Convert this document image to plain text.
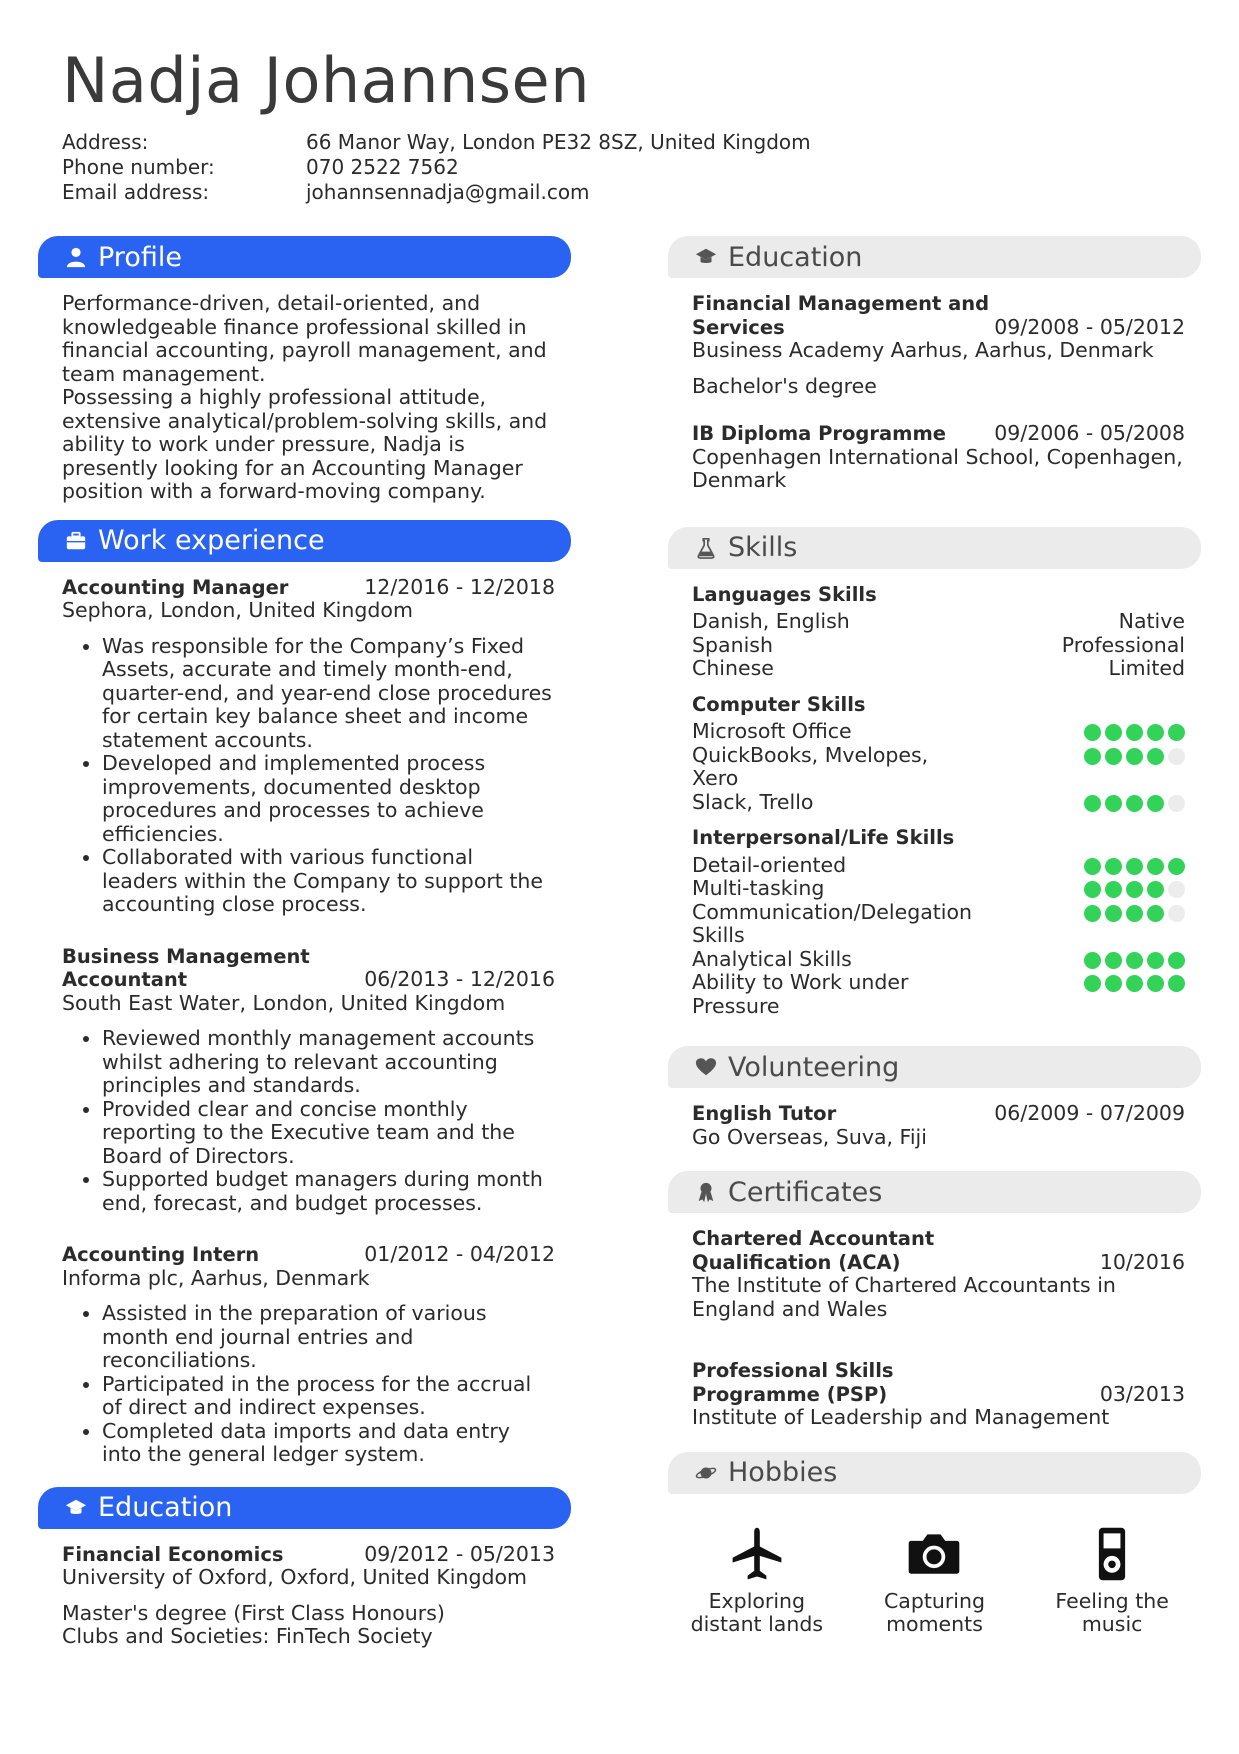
Nadja Johannsen
Address:	66 Manor Way, London PE32 8SZ, United Kingdom
Phone number:	070 2522 7562
Email address:	johannsennadja@gmail.com
Profile

Performance-driven, detail-oriented, and knowledgeable finance professional skilled in financial accounting, payroll management, and team management.

Possessing a highly professional attitude, extensive analytical/problem-solving skills, and ability to work under pressure, Nadja is presently looking for an Accounting Manager position with a forward-moving company.

Work experience
Accounting Manager	12/2016 - 12/2018
Sephora, London, United Kingdom
• Was responsible for the Company’s Fixed Assets, accurate and timely month-end, quarter-end, and year-end close procedures for certain key balance sheet and income statement accounts.
• Developed and implemented process improvements, documented desktop procedures and processes to achieve efficiencies.
• Collaborated with various functional leaders within the Company to support the accounting close process.
Business Management Accountant	06/2013 - 12/2016
South East Water, London, United Kingdom
• Reviewed monthly management accounts whilst adhering to relevant accounting principles and standards.
• Provided clear and concise monthly reporting to the Executive team and the Board of Directors.
• Supported budget managers during month end, forecast, and budget processes.
Accounting Intern	01/2012 - 04/2012
Informa plc, Aarhus, Denmark
• Assisted in the preparation of various month end journal entries and reconciliations.
• Participated in the process for the accrual of direct and indirect expenses.
• Completed data imports and data entry into the general ledger system.
Education
Financial Economics	09/2012 - 05/2013
University of Oxford, Oxford, United Kingdom
Master's degree (First Class Honours)
Clubs and Societies: FinTech Society
Education
Financial Management and Services	09/2008 - 05/2012
Business Academy Aarhus, Aarhus, Denmark
Bachelor's degree
IB Diploma Programme 09/2006 - 05/2008
Copenhagen International School, Copenhagen, Denmark
Skills
Languages Skills
Danish, English	Native
Spanish	Professional
Chinese	Limited
Computer Skills
Microsoft Office
QuickBooks, Mvelopes, Xero
Slack, Trello
Interpersonal/Life Skills
Detail-oriented
Multi-tasking
Communication/Delegation Skills
Analytical Skills
Ability to Work under Pressure
Volunteering
English Tutor	06/2009 - 07/2009
Go Overseas, Suva, Fiji
Certificates
Chartered Accountant Qualification (ACA)	10/2016
The Institute of Chartered Accountants in England and Wales
Professional Skills Programme (PSP)	03/2013
Institute of Leadership and Management
Hobbies
Exploring distant lands
Capturing moments
Feeling the music
